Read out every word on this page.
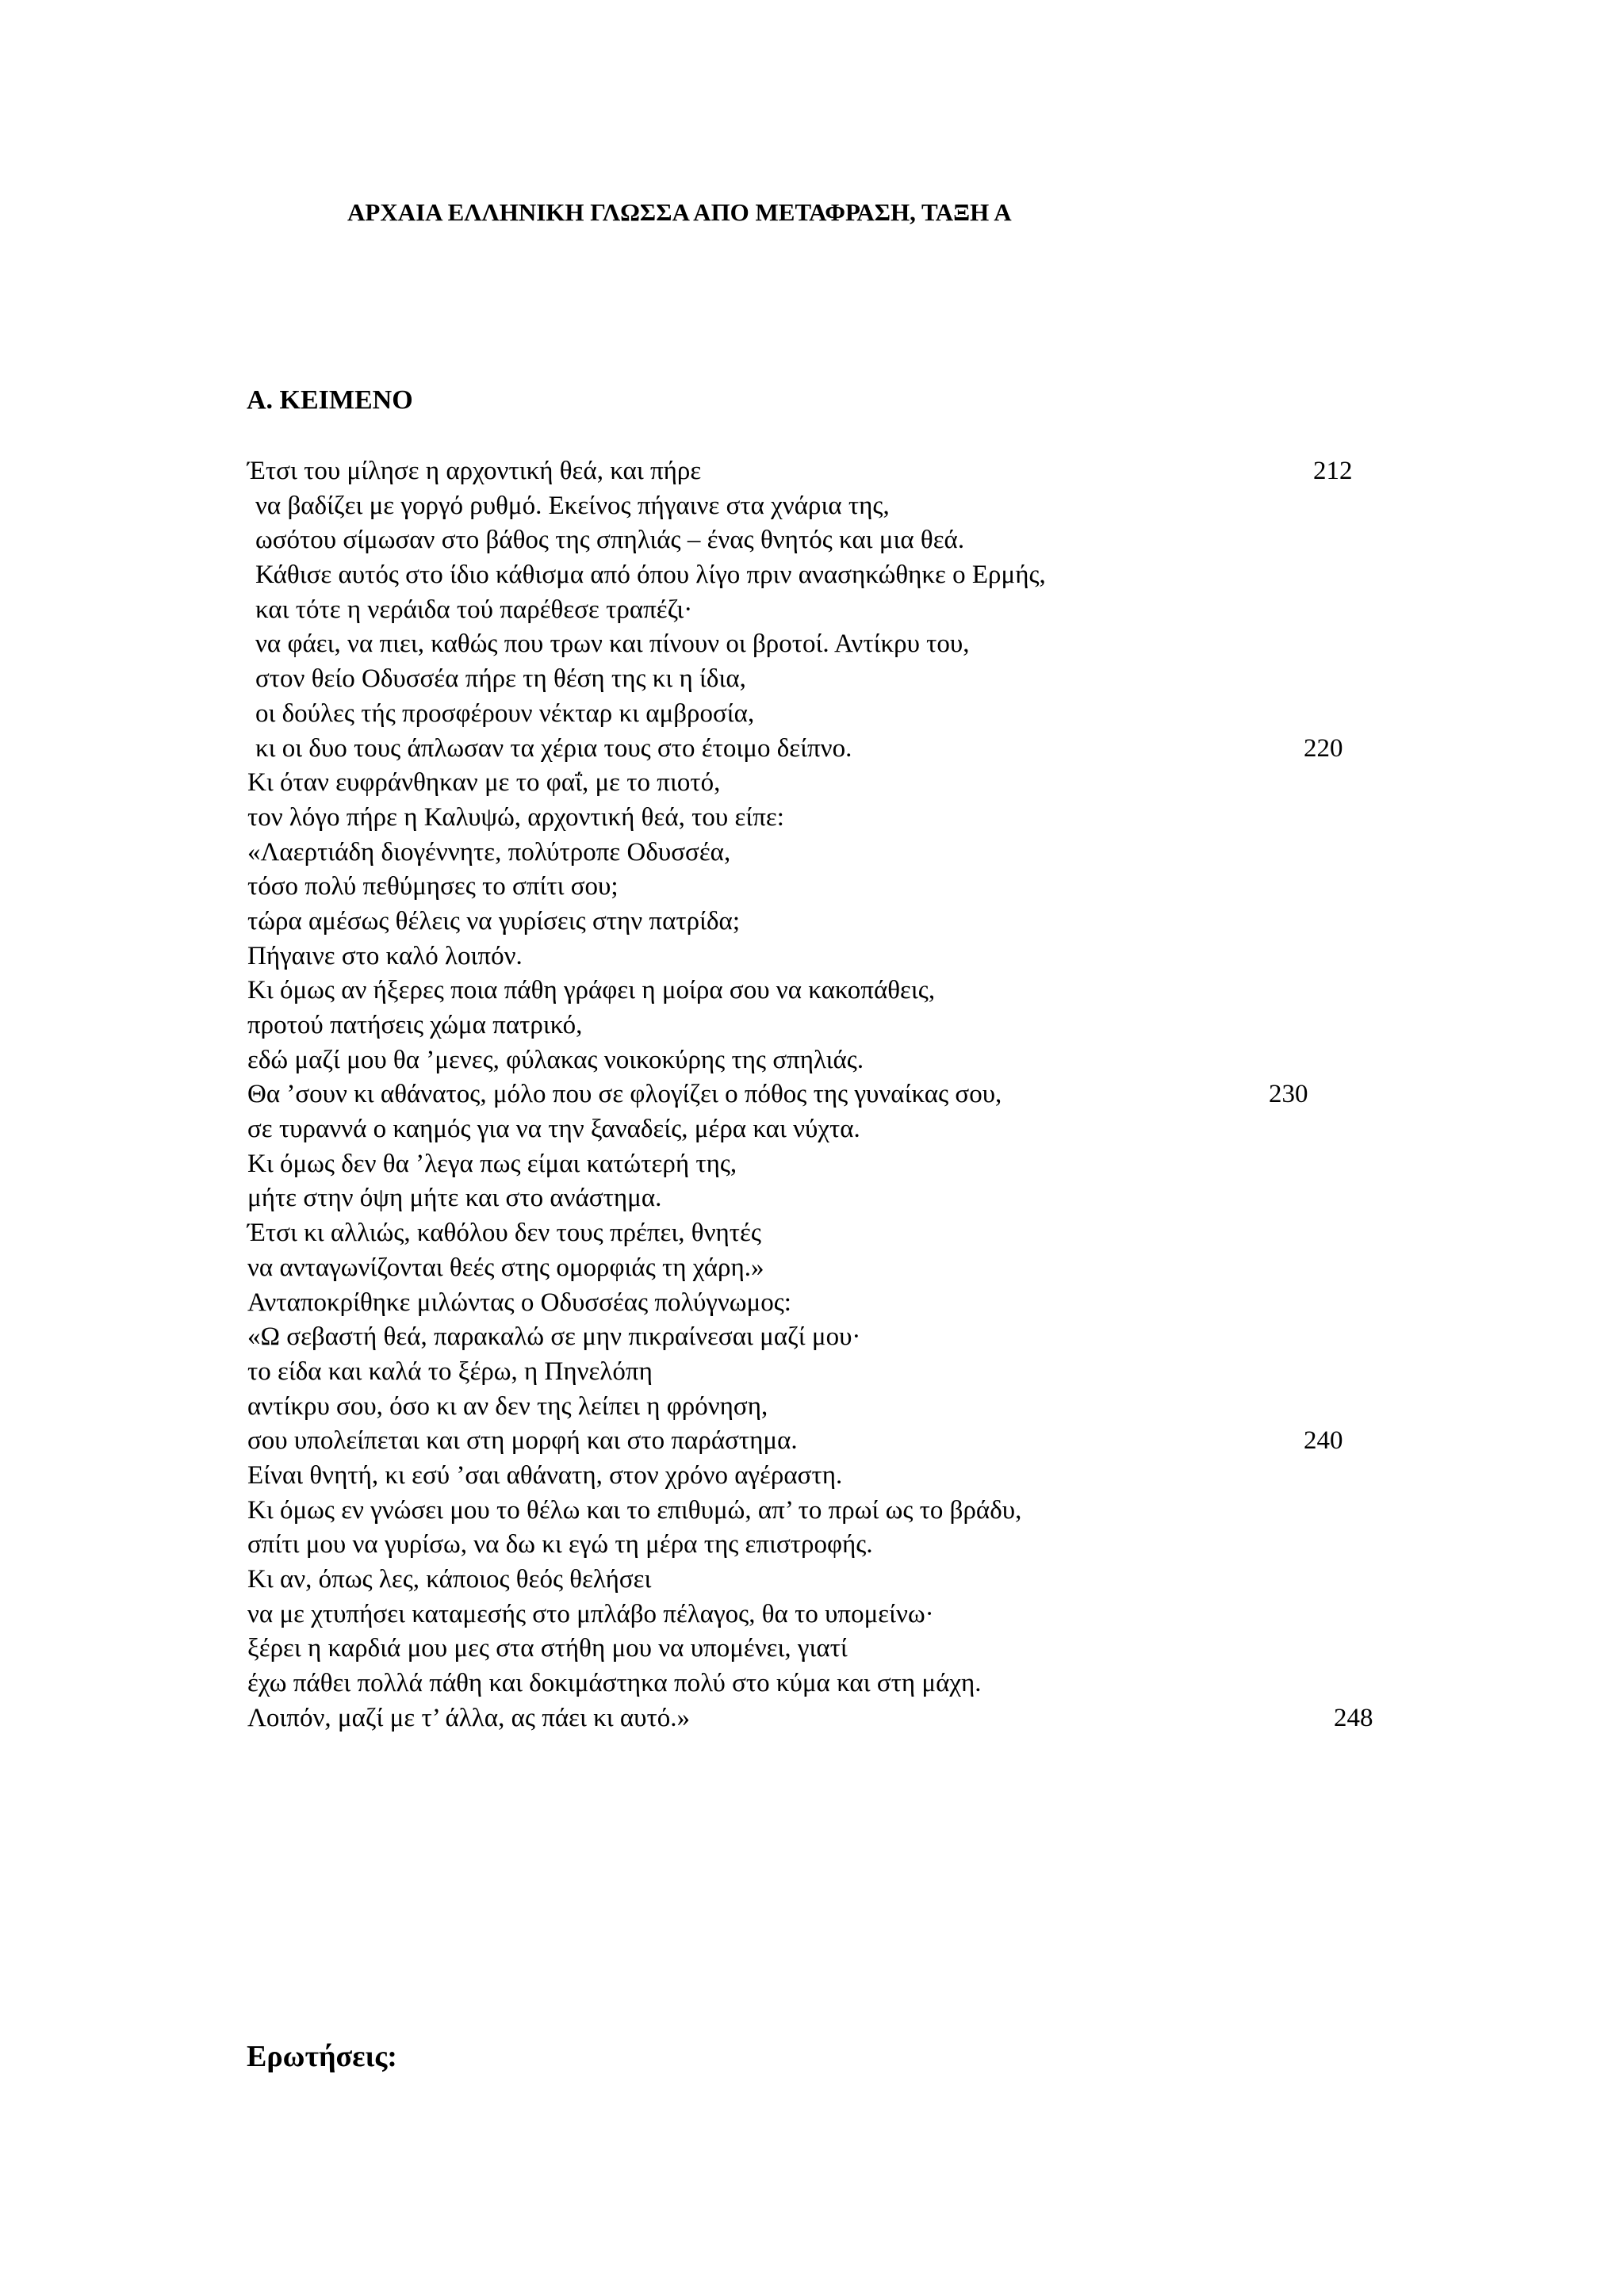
ΑΡΧΑΙΑ ΕΛΛΗΝΙΚΗ ΓΛΩΣΣΑ ΑΠΟ ΜΕΤΑΦΡΑΣΗ, ΤΑΞΗ Α
Α. ΚΕΙΜΕΝΟ
Έτσι του μίλησε η αρχοντική θεά, και πήρε	212
να βαδίζει με γοργό ρυθμό. Εκείνος πήγαινε στα χνάρια της,
ωσότου σίμωσαν στο βάθος της σπηλιάς – ένας θνητός και μια θεά.
Κάθισε αυτός στο ίδιο κάθισμα από όπου λίγο πριν ανασηκώθηκε ο Ερμής,
και τότε η νεράιδα τού παρέθεσε τραπέζι·
να φάει, να πιει, καθώς που τρων και πίνουν οι βροτοί. Αντίκρυ του,
στον θείο Οδυσσέα πήρε τη θέση της κι η ίδια,
οι δούλες τής προσφέρουν νέκταρ κι αμβροσία,
κι οι δυο τους άπλωσαν τα χέρια τους στο έτοιμο δείπνο.	220
Κι όταν ευφράνθηκαν με το φαΐ, με το πιοτό,
τον λόγο πήρε η Καλυψώ, αρχοντική θεά, του είπε:
«Λαερτιάδη διογέννητε, πολύτροπε Οδυσσέα,
τόσο πολύ πεθύμησες το σπίτι σου;
τώρα αμέσως θέλεις να γυρίσεις στην πατρίδα;
Πήγαινε στο καλό λοιπόν.
Κι όμως αν ήξερες ποια πάθη γράφει η μοίρα σου να κακοπάθεις,
προτού πατήσεις χώμα πατρικό,
εδώ μαζί μου θα ’μενες, φύλακας νοικοκύρης της σπηλιάς.
Θα ’σουν κι αθάνατος, μόλο που σε φλογίζει ο πόθος της γυναίκας σου,	230
σε τυραννά ο καημός για να την ξαναδείς, μέρα και νύχτα.
Κι όμως δεν θα ’λεγα πως είμαι κατώτερή της,
μήτε στην όψη μήτε και στο ανάστημα.
Έτσι κι αλλιώς, καθόλου δεν τους πρέπει, θνητές
να ανταγωνίζονται θεές στης ομορφιάς τη χάρη.»
Ανταποκρίθηκε μιλώντας ο Οδυσσέας πολύγνωμος:
«Ω σεβαστή θεά, παρακαλώ σε μην πικραίνεσαι μαζί μου·
το είδα και καλά το ξέρω, η Πηνελόπη
αντίκρυ σου, όσο κι αν δεν της λείπει η φρόνηση,
σου υπολείπεται και στη μορφή και στο παράστημα.	240
Είναι θνητή, κι εσύ ’σαι αθάνατη, στον χρόνο αγέραστη.
Κι όμως εν γνώσει μου το θέλω και το επιθυμώ, απ’ το πρωί ως το βράδυ,
σπίτι μου να γυρίσω, να δω κι εγώ τη μέρα της επιστροφής.
Κι αν, όπως λες, κάποιος θεός θελήσει
να με χτυπήσει καταμεσής στο μπλάβο πέλαγος, θα το υπομείνω·
ξέρει η καρδιά μου μες στα στήθη μου να υπομένει, γιατί
έχω πάθει πολλά πάθη και δοκιμάστηκα πολύ στο κύμα και στη μάχη.
Λοιπόν, μαζί με τ’ άλλα, ας πάει κι αυτό.»	248
Ερωτήσεις:
